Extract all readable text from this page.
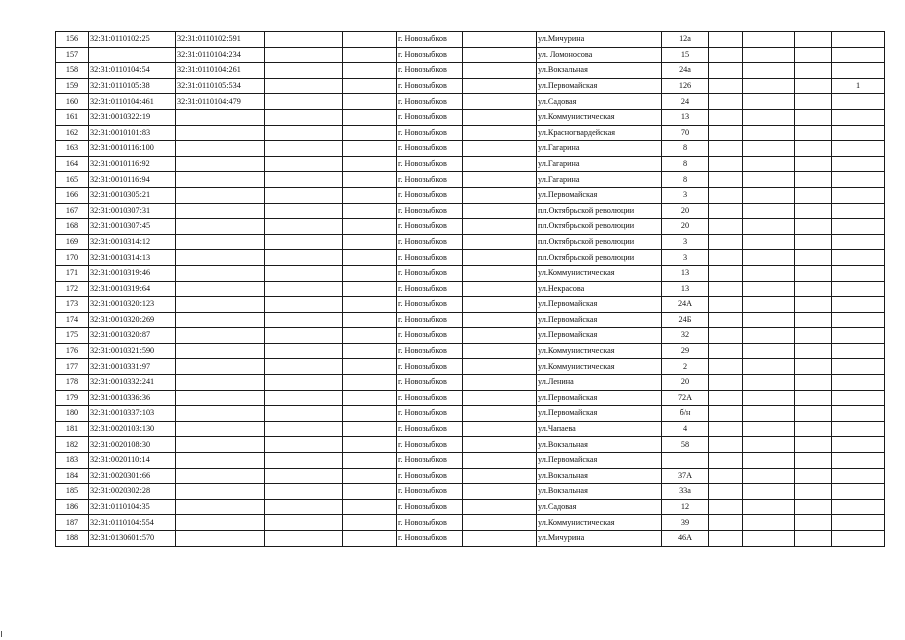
156	32:31:0110102:25	32:31:0110102:591			г. Новозыбков		ул.Мичурина	12а				
157		32:31:0110104:234			г. Новозыбков		ул. Ломоносова	15				
158	32:31:0110104:54	32:31:0110104:261			г. Новозыбков		ул.Вокзальная	24а				
159	32:31:0110105:38	32:31:0110105:534			г. Новозыбков		ул.Первомайская	126				1
160	32:31:0110104:461	32:31:0110104:479			г. Новозыбков		ул.Садовая	24				
161	32:31:0010322:19				г. Новозыбков		ул.Коммунистическая	13				
162	32:31:0010101:83				г. Новозыбков		ул.Красногвардейская	70				
163	32:31:0010116:100				г. Новозыбков		ул.Гагарина	8				
164	32:31:0010116:92				г. Новозыбков		ул.Гагарина	8				
165	32:31:0010116:94				г. Новозыбков		ул.Гагарина	8				
166	32:31:0010305:21				г. Новозыбков		ул.Первомайская	3				
167	32:31:0010307:31				г. Новозыбков		пл.Октябрьской революции	20				
168	32:31:0010307:45				г. Новозыбков		пл.Октябрьской революции	20				
169	32:31:0010314:12				г. Новозыбков		пл.Октябрьской революции	3				
170	32:31:0010314:13				г. Новозыбков		пл.Октябрьской революции	3				
171	32:31:0010319:46				г. Новозыбков		ул.Коммунистическая	13				
172	32:31:0010319:64				г. Новозыбков		ул.Некрасова	13				
173	32:31:0010320:123				г. Новозыбков		ул.Первомайская	24А				
174	32:31:0010320:269				г. Новозыбков		ул.Первомайская	24Б				
175	32:31:0010320:87				г. Новозыбков		ул.Первомайская	32				
176	32:31:0010321:590				г. Новозыбков		ул.Коммунистическая	29				
177	32:31:0010331:97				г. Новозыбков		ул.Коммунистическая	2				
178	32:31:0010332:241				г. Новозыбков		ул.Ленина	20				
179	32:31:0010336:36				г. Новозыбков		ул.Первомайская	72А				
180	32:31:0010337:103				г. Новозыбков		ул.Первомайская	б/н				
181	32:31:0020103:130				г. Новозыбков		ул.Чапаева	4				
182	32:31:0020108:30				г. Новозыбков		ул.Вокзальная	58				
183	32:31:0020110:14				г. Новозыбков		ул.Первомайская					
184	32:31:0020301:66				г. Новозыбков		ул.Вокзальная	37А				
185	32:31:0020302:28				г. Новозыбков		ул.Вокзальная	33а				
186	32:31:0110104:35				г. Новозыбков		ул.Садовая	12				
187	32:31:0110104:554				г. Новозыбков		ул.Коммунистическая	39				
188	32:31:0130601:570				г. Новозыбков		ул.Мичурина	46А				
